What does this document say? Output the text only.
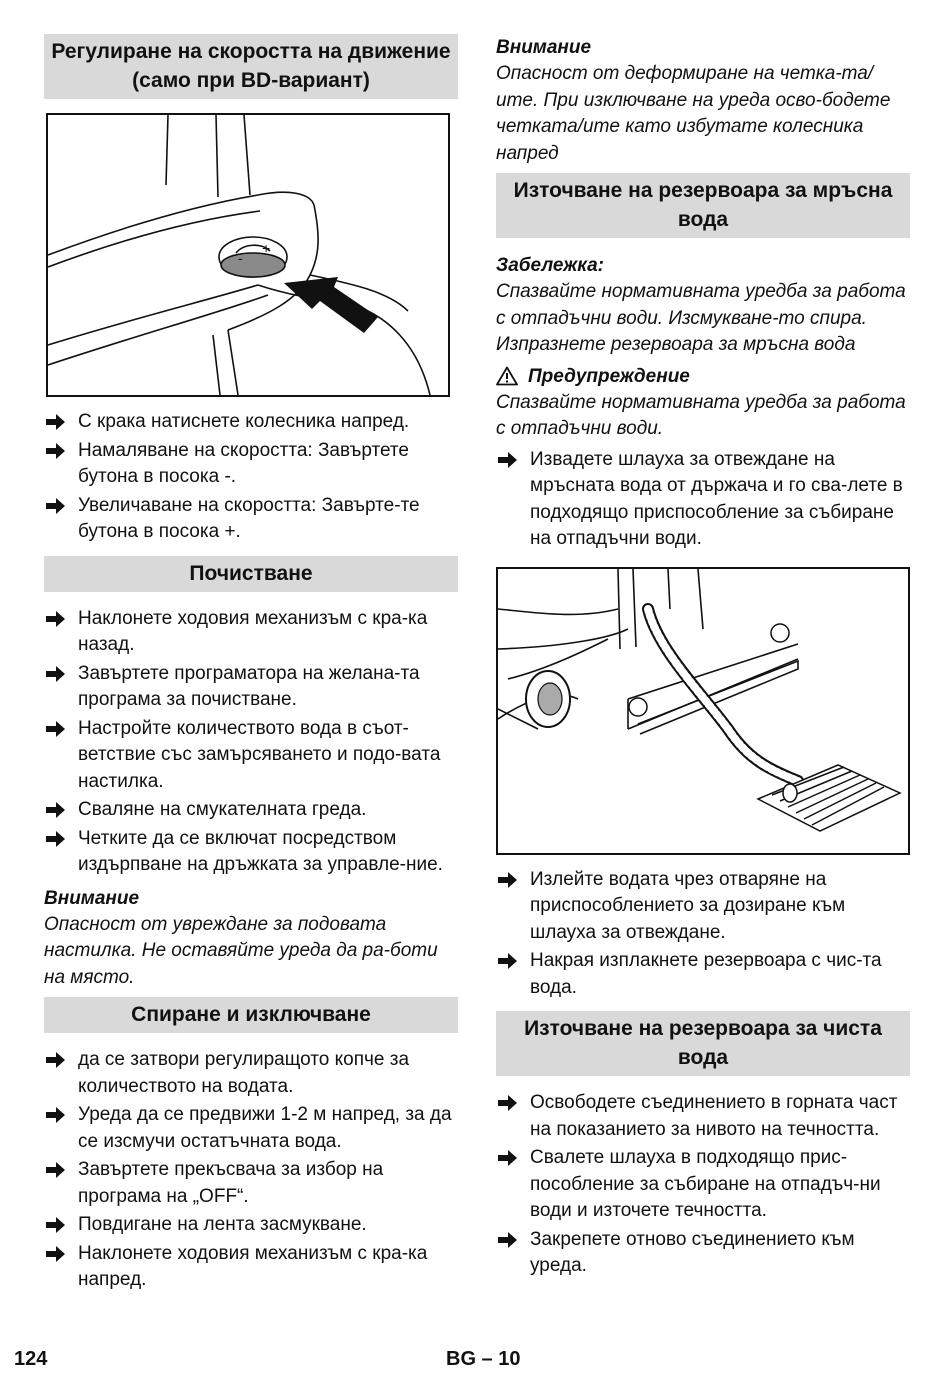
Регулиране на скоростта на движение (само при BD-вариант)
+
-
С крака натиснете колесника напред.
Намаляване на скоростта: Завъртете бутона в посока -.
Увеличаване на скоростта: Завърте-те бутона в посока +.
Почистване
Наклонете ходовия механизъм с кра-ка назад.
Завъртете програматора на желана-та програма за почистване.
Настройте количеството вода в съот-ветствие със замърсяването и подо-вата настилка.
Сваляне на смукателната греда.
Четките да се включат посредством издърпване на дръжката за управле-ние.
Внимание
Опасност от увреждане за подовата настилка. Не оставяйте уреда да ра-боти на място.
Спиране и изключване
да се затвори регулиращото копче за количеството на водата.
Уреда да се предвижи 1-2 м напред, за да се изсмучи остатъчната вода.
Завъртете прекъсвача за избор на програма на „OFF“.
Повдигане на лента засмукване.
Наклонете ходовия механизъм с кра-ка напред.
Внимание
Опасност от деформиране на четка-та/ите. При изключване на уреда осво-бодете четката/ите като избутате колесника напред
Източване на резервоара за мръсна вода
Забележка:
Спазвайте нормативната уредба за работа с отпадъчни води. Изсмукване-то спира. Изпразнете резервоара за мръсна вода
Предупреждение
Спазвайте нормативната уредба за работа с отпадъчни води.
Извадете шлауха за отвеждане на мръсната вода от държача и го сва-лете в подходящо приспособление за събиране на отпадъчни води.
Излейте водата чрез отваряне на приспособлението за дозиране към шлауха за отвеждане.
Накрая изплакнете резервоара с чис-та вода.
Източване на резервоара за чиста вода
Освободете съединението в горната част на показанието за нивото на течността.
Свалете шлауха в подходящо прис-пособление за събиране на отпадъч-ни води и източете течността.
Закрепете отново съединението към уреда.
124	BG – 10
